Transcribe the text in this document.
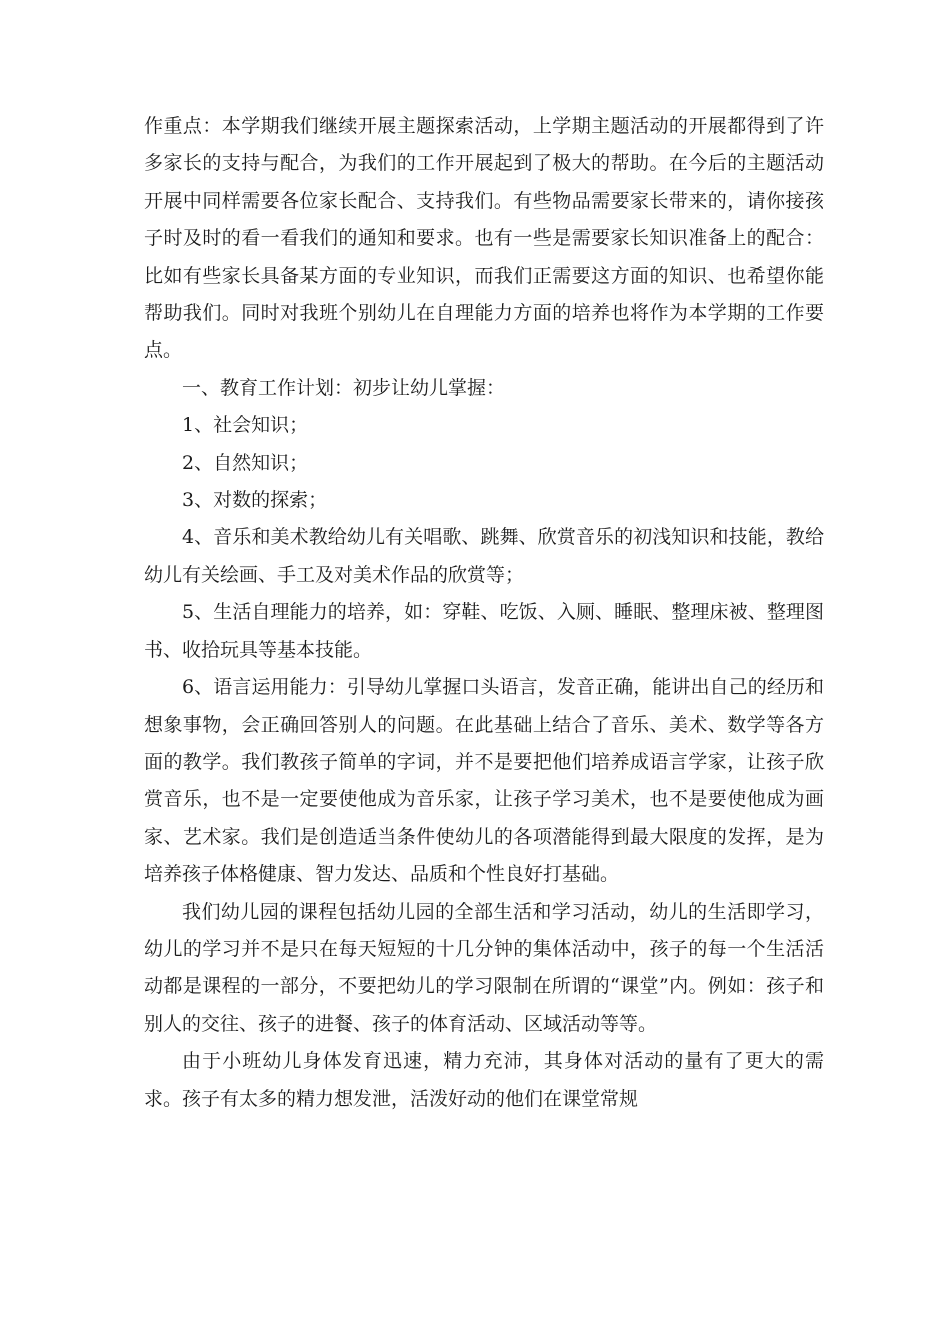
作重点：本学期我们继续开展主题探索活动，上学期主题活动的开展都得到了许多家长的支持与配合，为我们的工作开展起到了极大的帮助。在今后的主题活动开展中同样需要各位家长配合、支持我们。有些物品需要家长带来的，请你接孩子时及时的看一看我们的通知和要求。也有一些是需要家长知识准备上的配合：比如有些家长具备某方面的专业知识，而我们正需要这方面的知识、也希望你能帮助我们。同时对我班个别幼儿在自理能力方面的培养也将作为本学期的工作要点。

一、教育工作计划：初步让幼儿掌握：

1、社会知识；

2、自然知识；

3、对数的探索；

4、音乐和美术教给幼儿有关唱歌、跳舞、欣赏音乐的初浅知识和技能，教给幼儿有关绘画、手工及对美术作品的欣赏等；

5、生活自理能力的培养，如：穿鞋、吃饭、入厕、睡眠、整理床被、整理图书、收拾玩具等基本技能。

6、语言运用能力：引导幼儿掌握口头语言，发音正确，能讲出自己的经历和想象事物，会正确回答别人的问题。在此基础上结合了音乐、美术、数学等各方面的教学。我们教孩子简单的字词，并不是要把他们培养成语言学家，让孩子欣赏音乐，也不是一定要使他成为音乐家，让孩子学习美术，也不是要使他成为画家、艺术家。我们是创造适当条件使幼儿的各项潜能得到最大限度的发挥，是为培养孩子体格健康、智力发达、品质和个性良好打基础。

我们幼儿园的课程包括幼儿园的全部生活和学习活动，幼儿的生活即学习，幼儿的学习并不是只在每天短短的十几分钟的集体活动中，孩子的每一个生活活动都是课程的一部分，不要把幼儿的学习限制在所谓的“课堂”内。例如：孩子和别人的交往、孩子的进餐、孩子的体育活动、区域活动等等。

由于小班幼儿身体发育迅速，精力充沛，其身体对活动的量有了更大的需求。孩子有太多的精力想发泄，活泼好动的他们在课堂常规
